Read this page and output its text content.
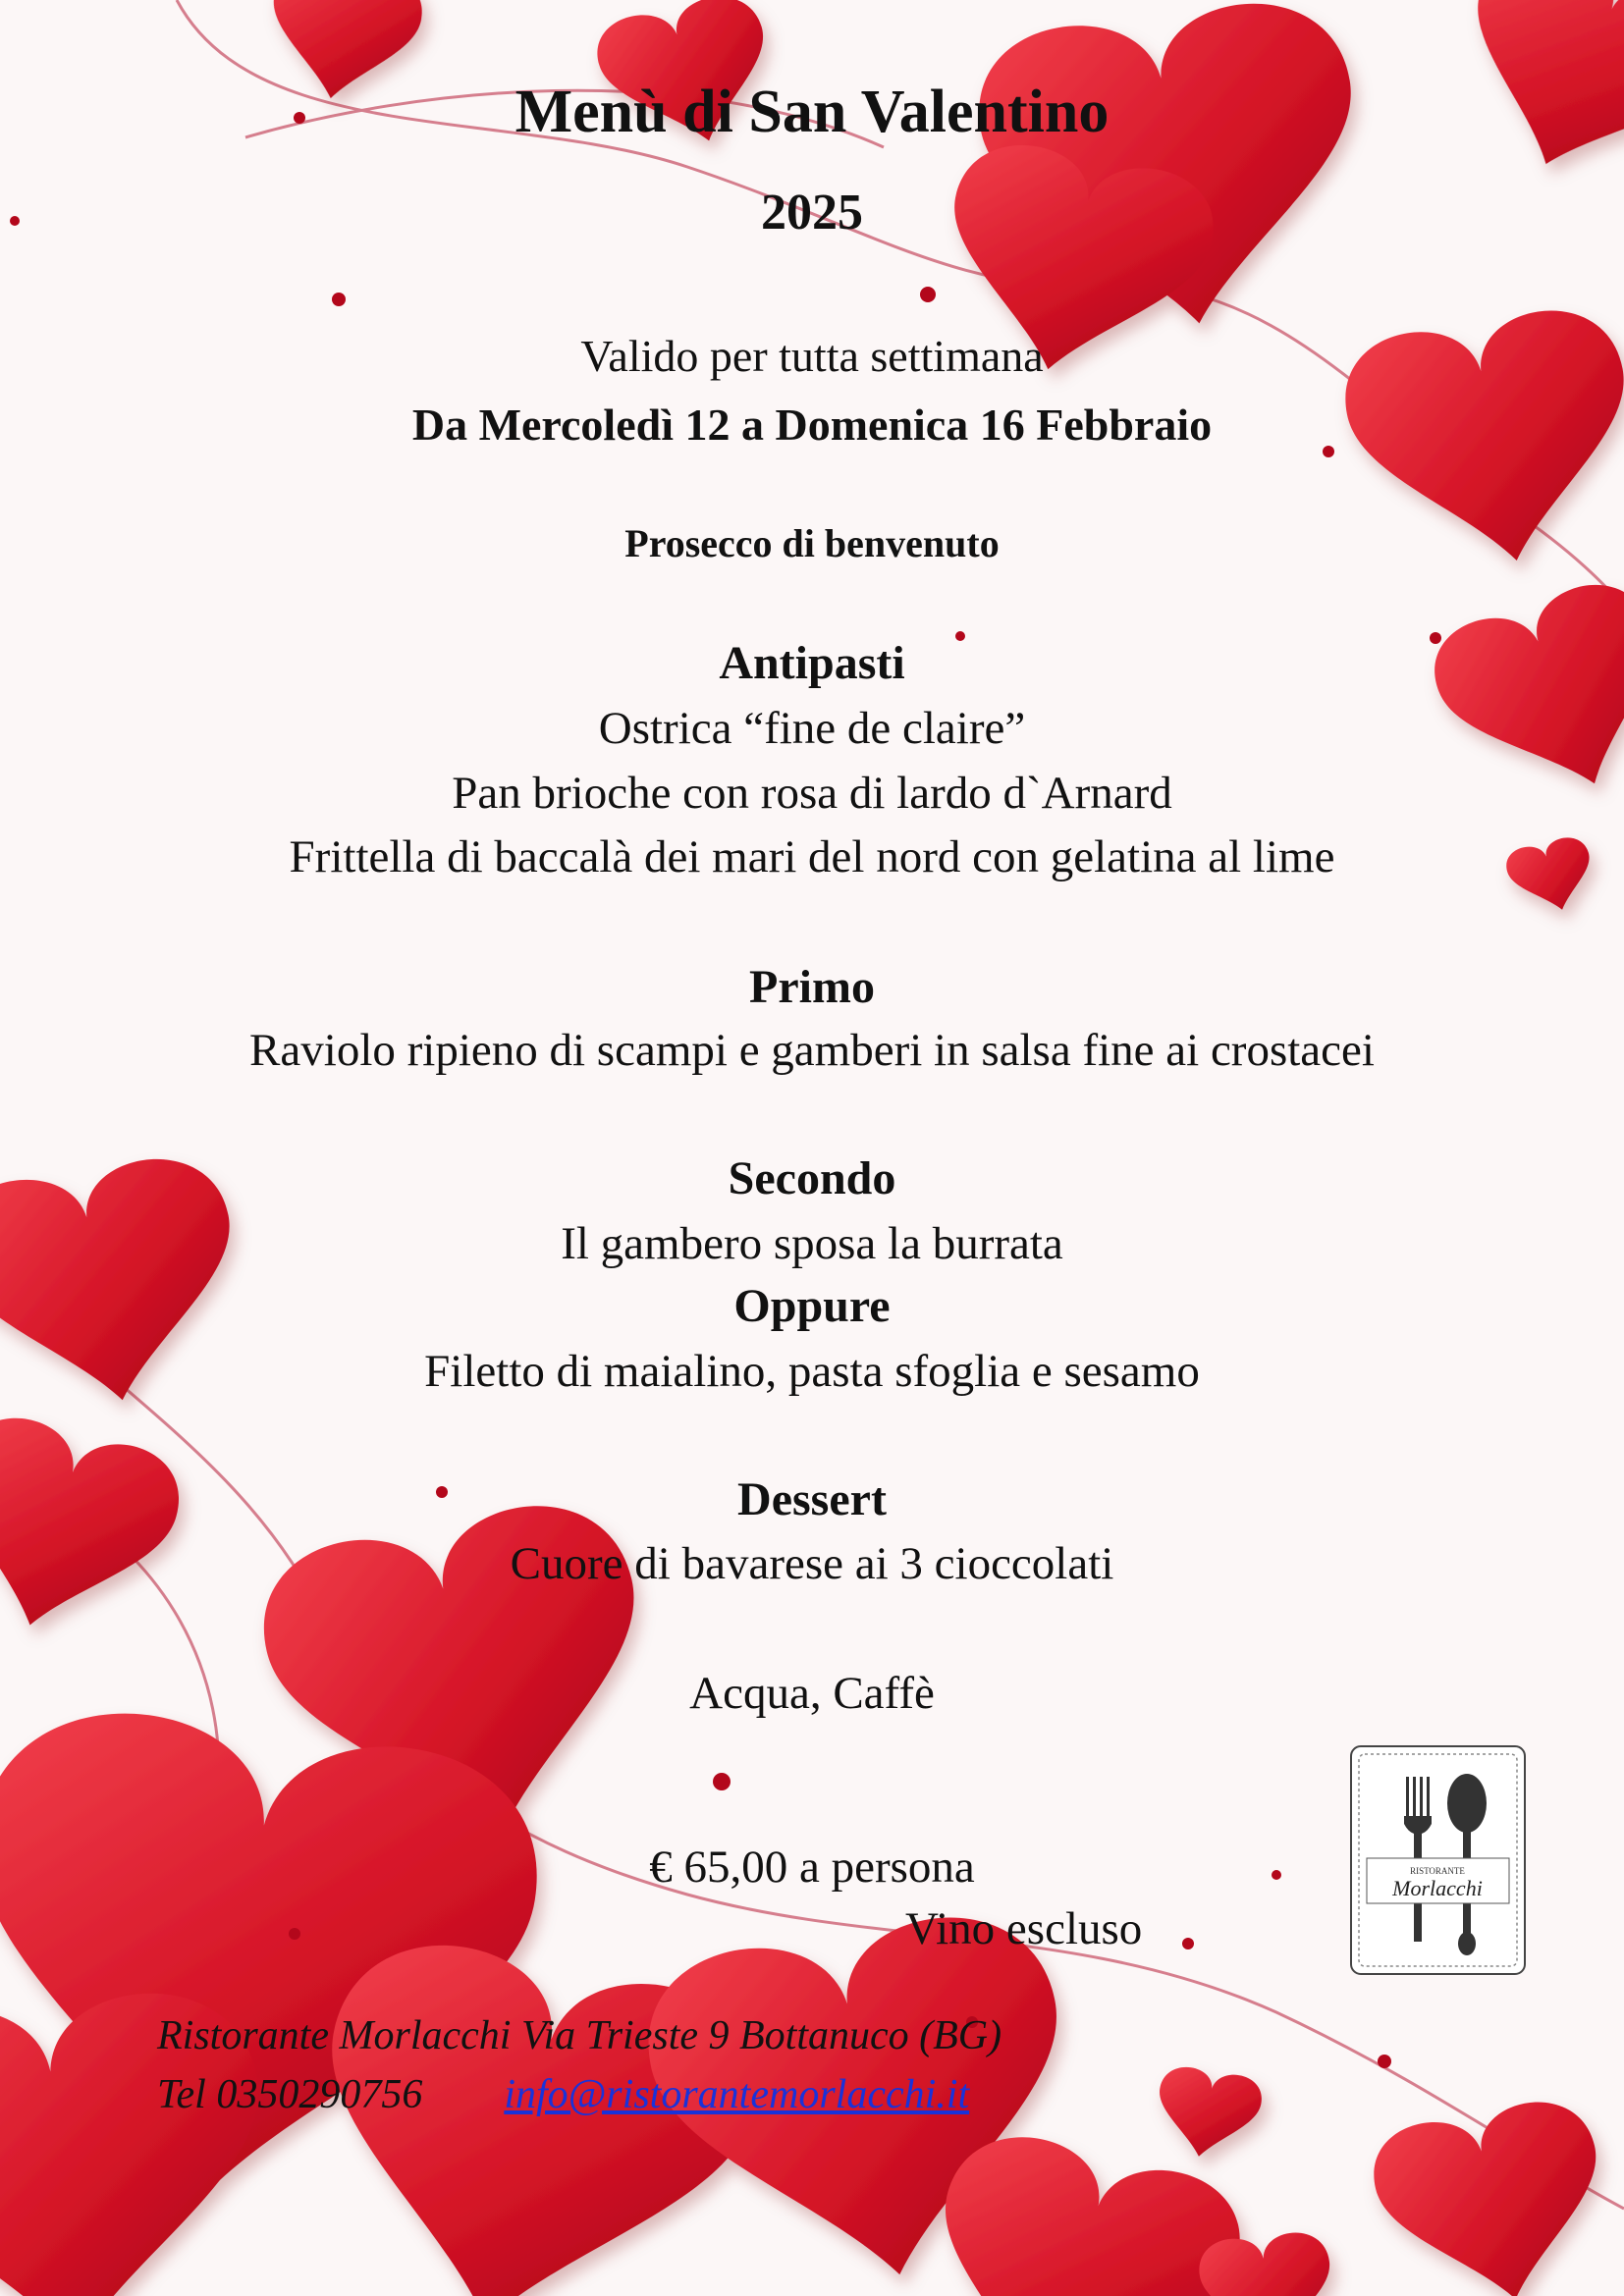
Menù di San Valentino
2025
Valido per tutta settimana
Da Mercoledì 12 a Domenica 16 Febbraio
Prosecco di benvenuto
Antipasti
Ostrica “fine de claire”
Pan brioche con rosa di lardo d`Arnard
Frittella di baccalà dei mari del nord con gelatina al lime
Primo
Raviolo ripieno di scampi e gamberi in salsa fine ai crostacei
Secondo
Il gambero sposa la burrata
Oppure
Filetto di maialino, pasta sfoglia e sesamo
Dessert
Cuore di bavarese ai 3 cioccolati
Acqua, Caffè
€ 65,00 a persona
Vino escluso
Ristorante Morlacchi Via Trieste 9 Bottanuco (BG)
Tel 0350290756 info@ristorantemorlacchi.it
RISTORANTE
Morlacchi
